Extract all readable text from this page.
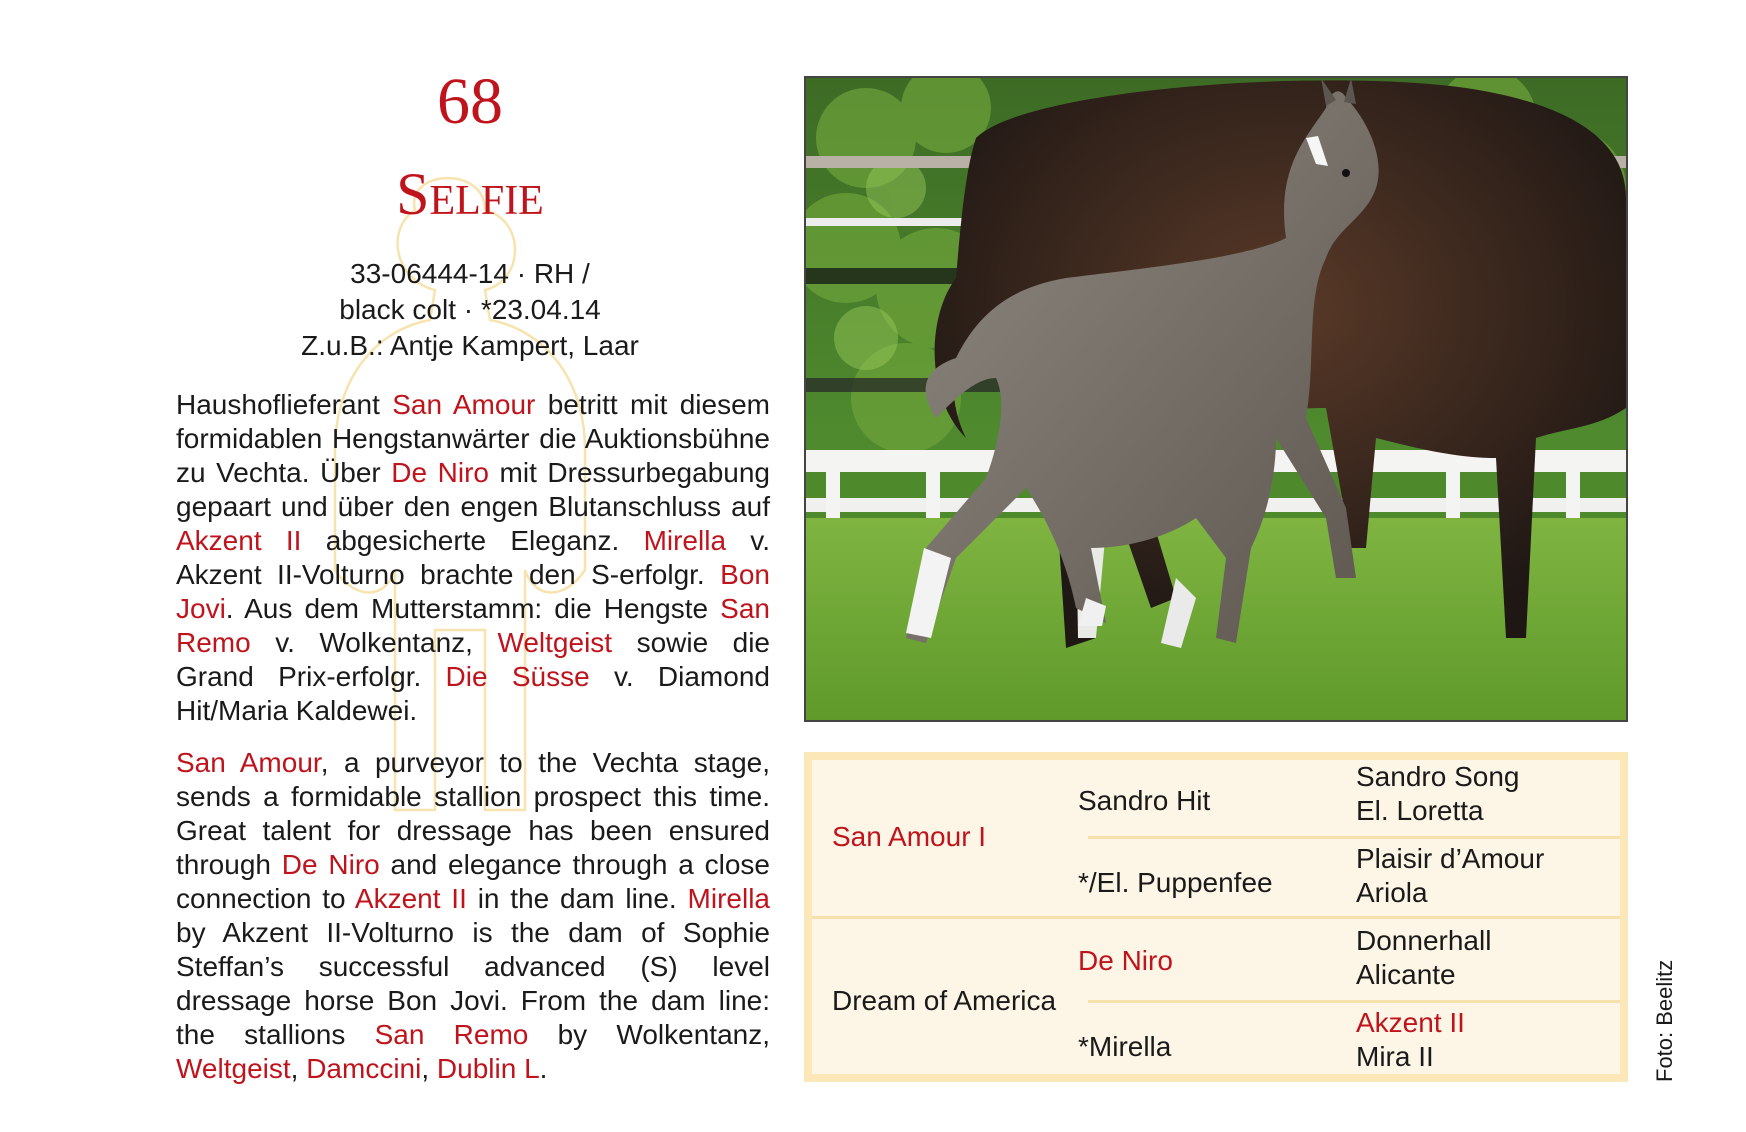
68
Selfie
33-06444-14 · RH /
black colt · *23.04.14
Z.u.B.: Antje Kampert, Laar
Haushoflieferant San Amour betritt mit diesem formidablen Hengstanwärter die Auktionsbühne zu Vechta. Über De Niro mit Dressurbegabung gepaart und über den engen Blutanschluss auf Akzent II abgesicherte Eleganz. Mirella v. Akzent II-Volturno brachte den S-erfolgr. Bon Jovi. Aus dem Mutterstamm: die Hengste San Remo v. Wolkentanz, Weltgeist sowie die Grand Prix-erfolgr. Die Süsse v. Diamond Hit/Maria Kaldewei.
San Amour, a purveyor to the Vechta stage, sends a formidable stallion prospect this time. Great talent for dressage has been ensured through De Niro and elegance through a close connection to Akzent II in the dam line. Mirella by Akzent II-Volturno is the dam of Sophie Steffan’s successful advanced (S) level dressage horse Bon Jovi. From the dam line: the stallions San Remo by Wolkentanz, Weltgeist, Damccini, Dublin L.
San Amour I
Dream of America
Sandro Hit
*/El. Puppenfee
De Niro
*Mirella
Sandro Song
El. Loretta
Plaisir d’Amour
Ariola
Donnerhall
Alicante
Akzent II
Mira II	Foto: Beelitz
